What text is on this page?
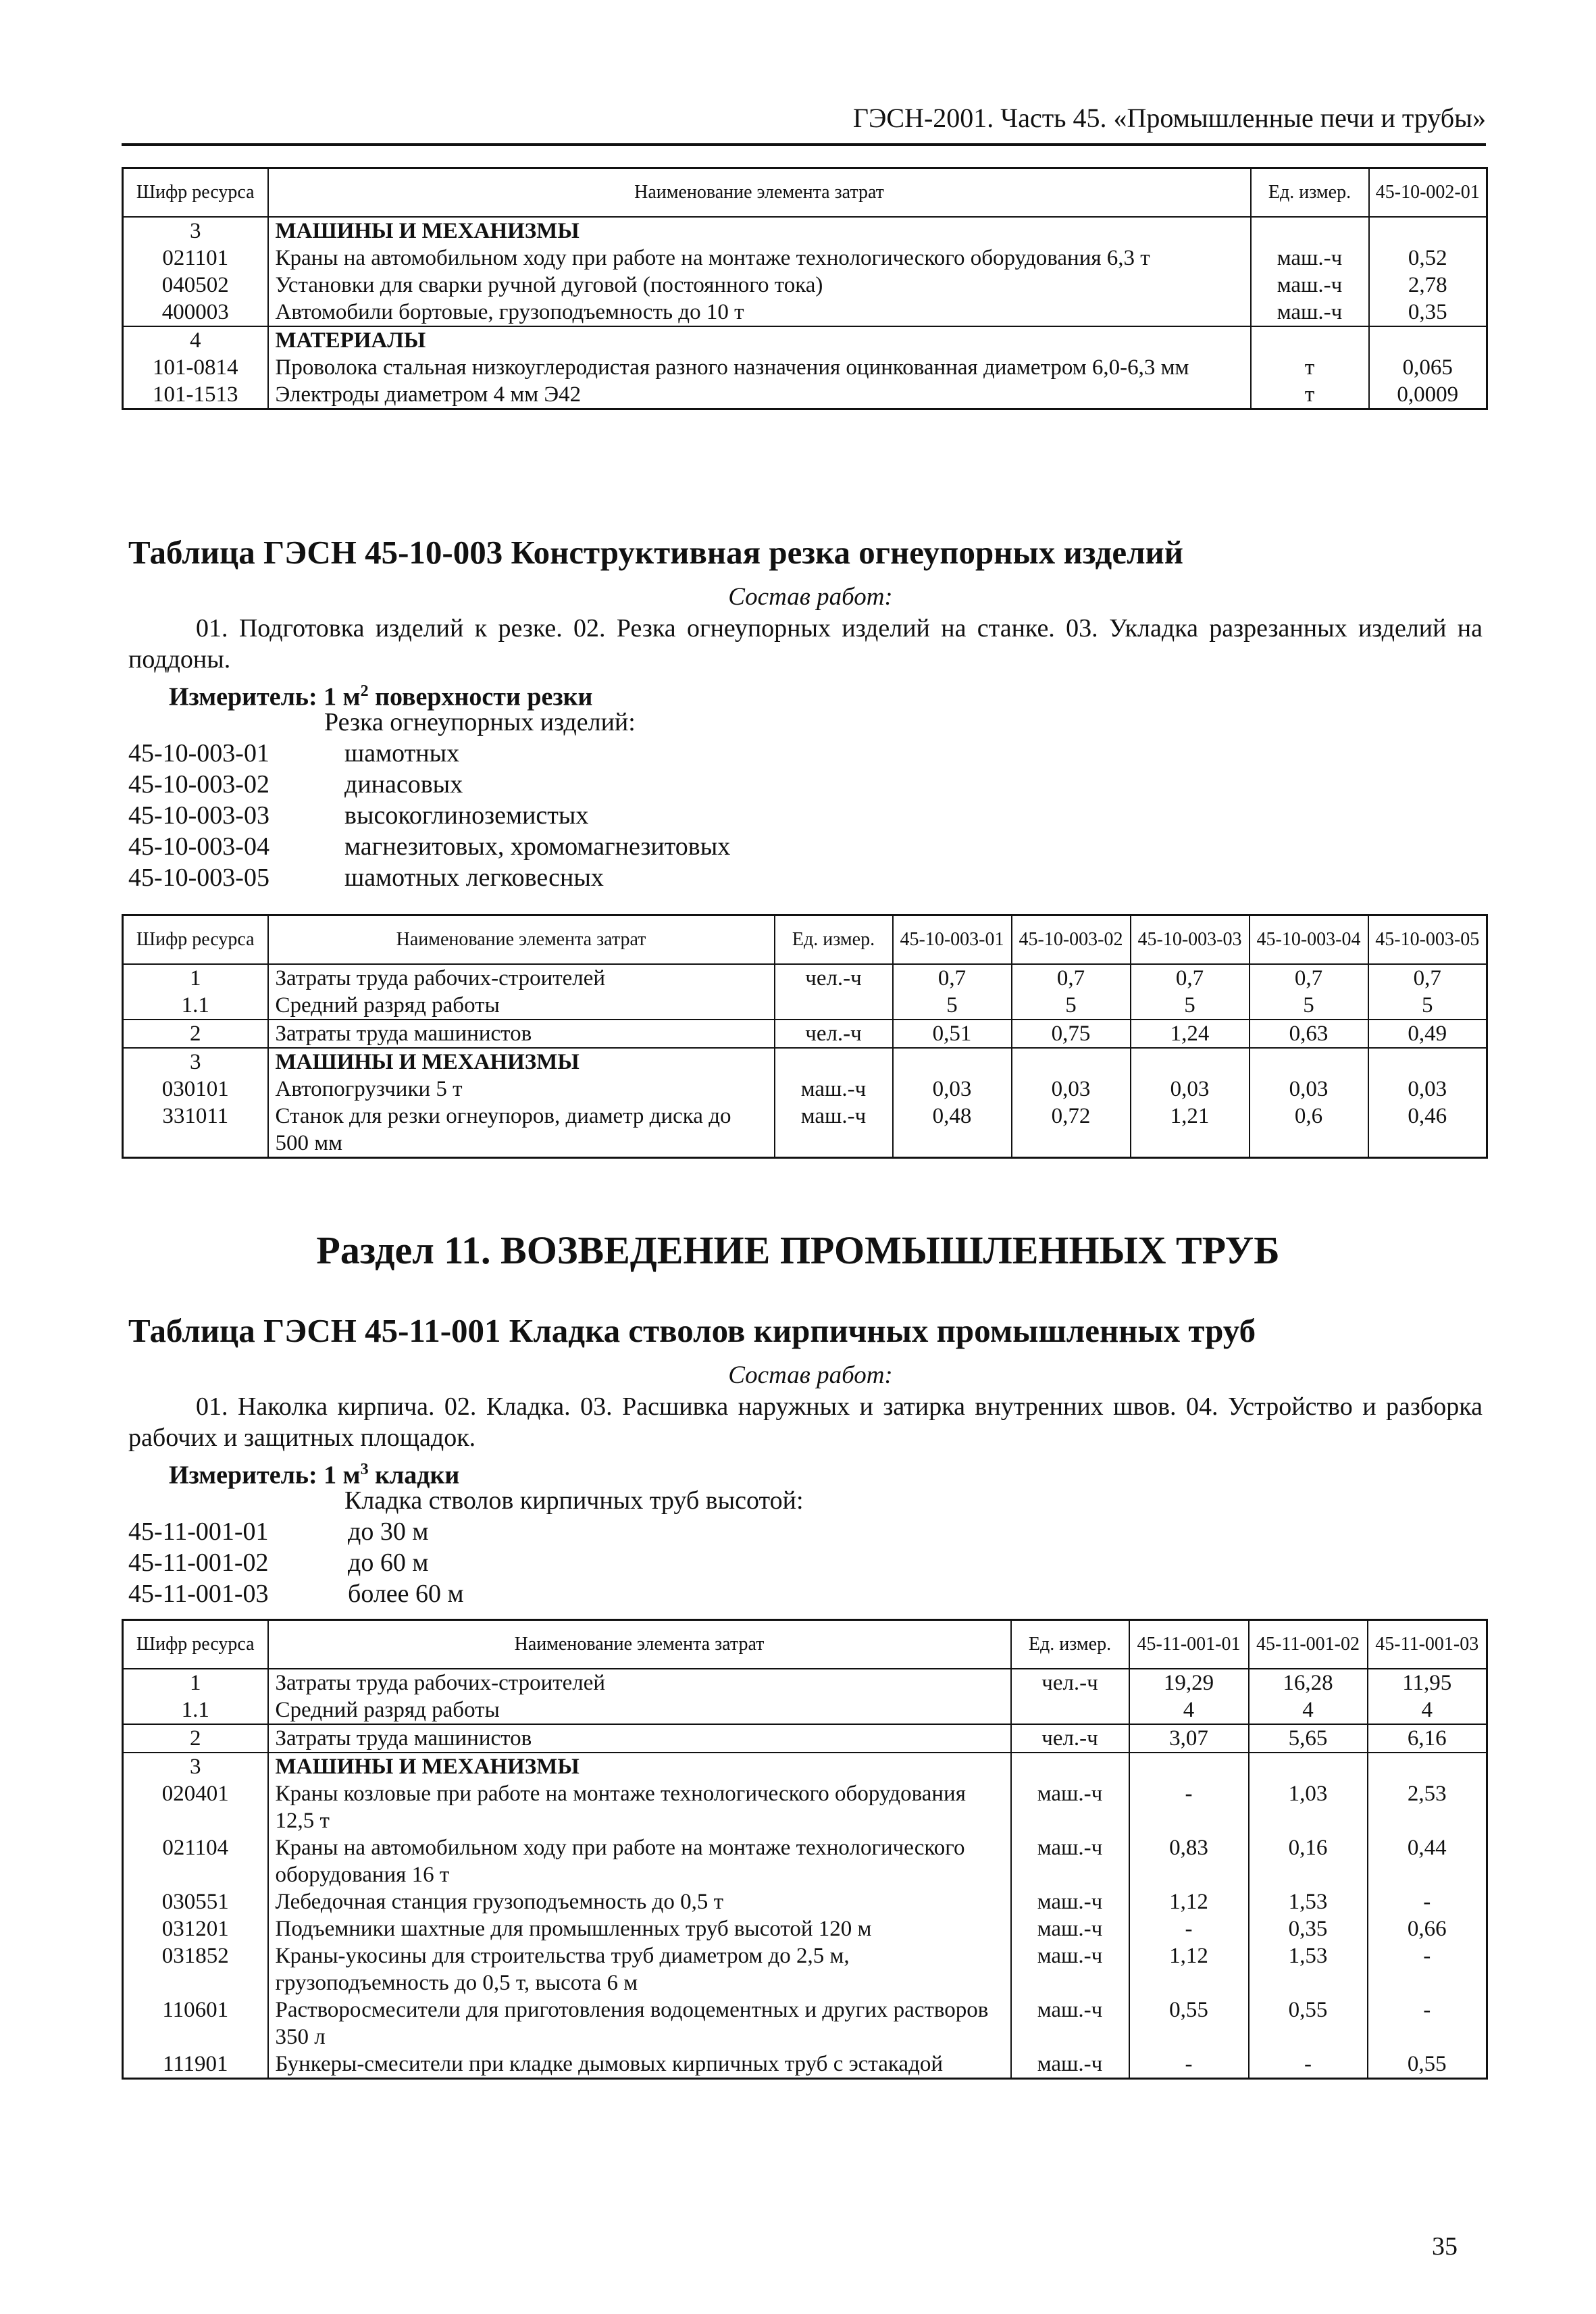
ГЭСН-2001. Часть 45. «Промышленные печи и трубы»
Шифр ресурса	Наименование элемента затрат	Ед. измер.	45-10-002-01
3	МАШИНЫ И МЕХАНИЗМЫ		
021101	Краны на автомобильном ходу при работе на монтаже технологического оборудования 6,3 т	маш.-ч	0,52
040502	Установки для сварки ручной дуговой (постоянного тока)	маш.-ч	2,78
400003	Автомобили бортовые, грузоподъемность до 10 т	маш.-ч	0,35
4	МАТЕРИАЛЫ		
101-0814	Проволока стальная низкоуглеродистая разного назначения оцинкованная диаметром 6,0-6,3 мм	т	0,065
101-1513	Электроды диаметром 4 мм Э42	т	0,0009
Таблица ГЭСН 45-10-003 Конструктивная резка огнеупорных изделий
Состав работ:
01. Подготовка изделий к резке. 02. Резка огнеупорных изделий на станке. 03. Укладка разрезанных изделий на поддоны.
Измеритель: 1 $м^2$ поверхности резки
Резка огнеупорных изделий:
45-10-003-01	шамотных
45-10-003-02	динасовых
45-10-003-03	высокоглиноземистых
45-10-003-04	магнезитовых, хромомагнезитовых
45-10-003-05	шамотных легковесных
Шифр ресурса	Наименование элемента затрат	Ед. измер.	45-10-003-01	45-10-003-02	45-10-003-03	45-10-003-04	45-10-003-05
1	Затраты труда рабочих-строителей	чел.-ч	0,7	0,7	0,7	0,7	0,7
1.1	Средний разряд работы		5	5	5	5	5
2	Затраты труда машинистов	чел.-ч	0,51	0,75	1,24	0,63	0,49
3	МАШИНЫ И МЕХАНИЗМЫ						
030101	Автопогрузчики 5 т	маш.-ч	0,03	0,03	0,03	0,03	0,03
331011	Станок для резки огнеупоров, диаметр диска до 500 мм	маш.-ч	0,48	0,72	1,21	0,6	0,46
Раздел 11. ВОЗВЕДЕНИЕ ПРОМЫШЛЕННЫХ ТРУБ
Таблица ГЭСН 45-11-001 Кладка стволов кирпичных промышленных труб
Состав работ:
01. Наколка кирпича. 02. Кладка. 03. Расшивка наружных и затирка внутренних швов. 04. Устройство и разборка рабочих и защитных площадок.
Измеритель: 1 $м^3$ кладки
Кладка стволов кирпичных труб высотой:
45-11-001-01	до 30 м
45-11-001-02	до 60 м
45-11-001-03	более 60 м
Шифр ресурса	Наименование элемента затрат	Ед. измер.	45-11-001-01	45-11-001-02	45-11-001-03
1	Затраты труда рабочих-строителей	чел.-ч	19,29	16,28	11,95
1.1	Средний разряд работы		4	4	4
2	Затраты труда машинистов	чел.-ч	3,07	5,65	6,16
3	МАШИНЫ И МЕХАНИЗМЫ				
020401	Краны козловые при работе на монтаже технологического оборудования 12,5 т	маш.-ч	-	1,03	2,53
021104	Краны на автомобильном ходу при работе на монтаже технологического оборудования 16 т	маш.-ч	0,83	0,16	0,44
030551	Лебедочная станция грузоподъемность до 0,5 т	маш.-ч	1,12	1,53	-
031201	Подъемники шахтные для промышленных труб высотой 120 м	маш.-ч	-	0,35	0,66
031852	Краны-укосины для строительства труб диаметром до 2,5 м, грузоподъемность до 0,5 т, высота 6 м	маш.-ч	1,12	1,53	-
110601	Растворосмесители для приготовления водоцементных и других растворов 350 л	маш.-ч	0,55	0,55	-
111901	Бункеры-смесители при кладке дымовых кирпичных труб с эстакадой	маш.-ч	-	-	0,55
35
